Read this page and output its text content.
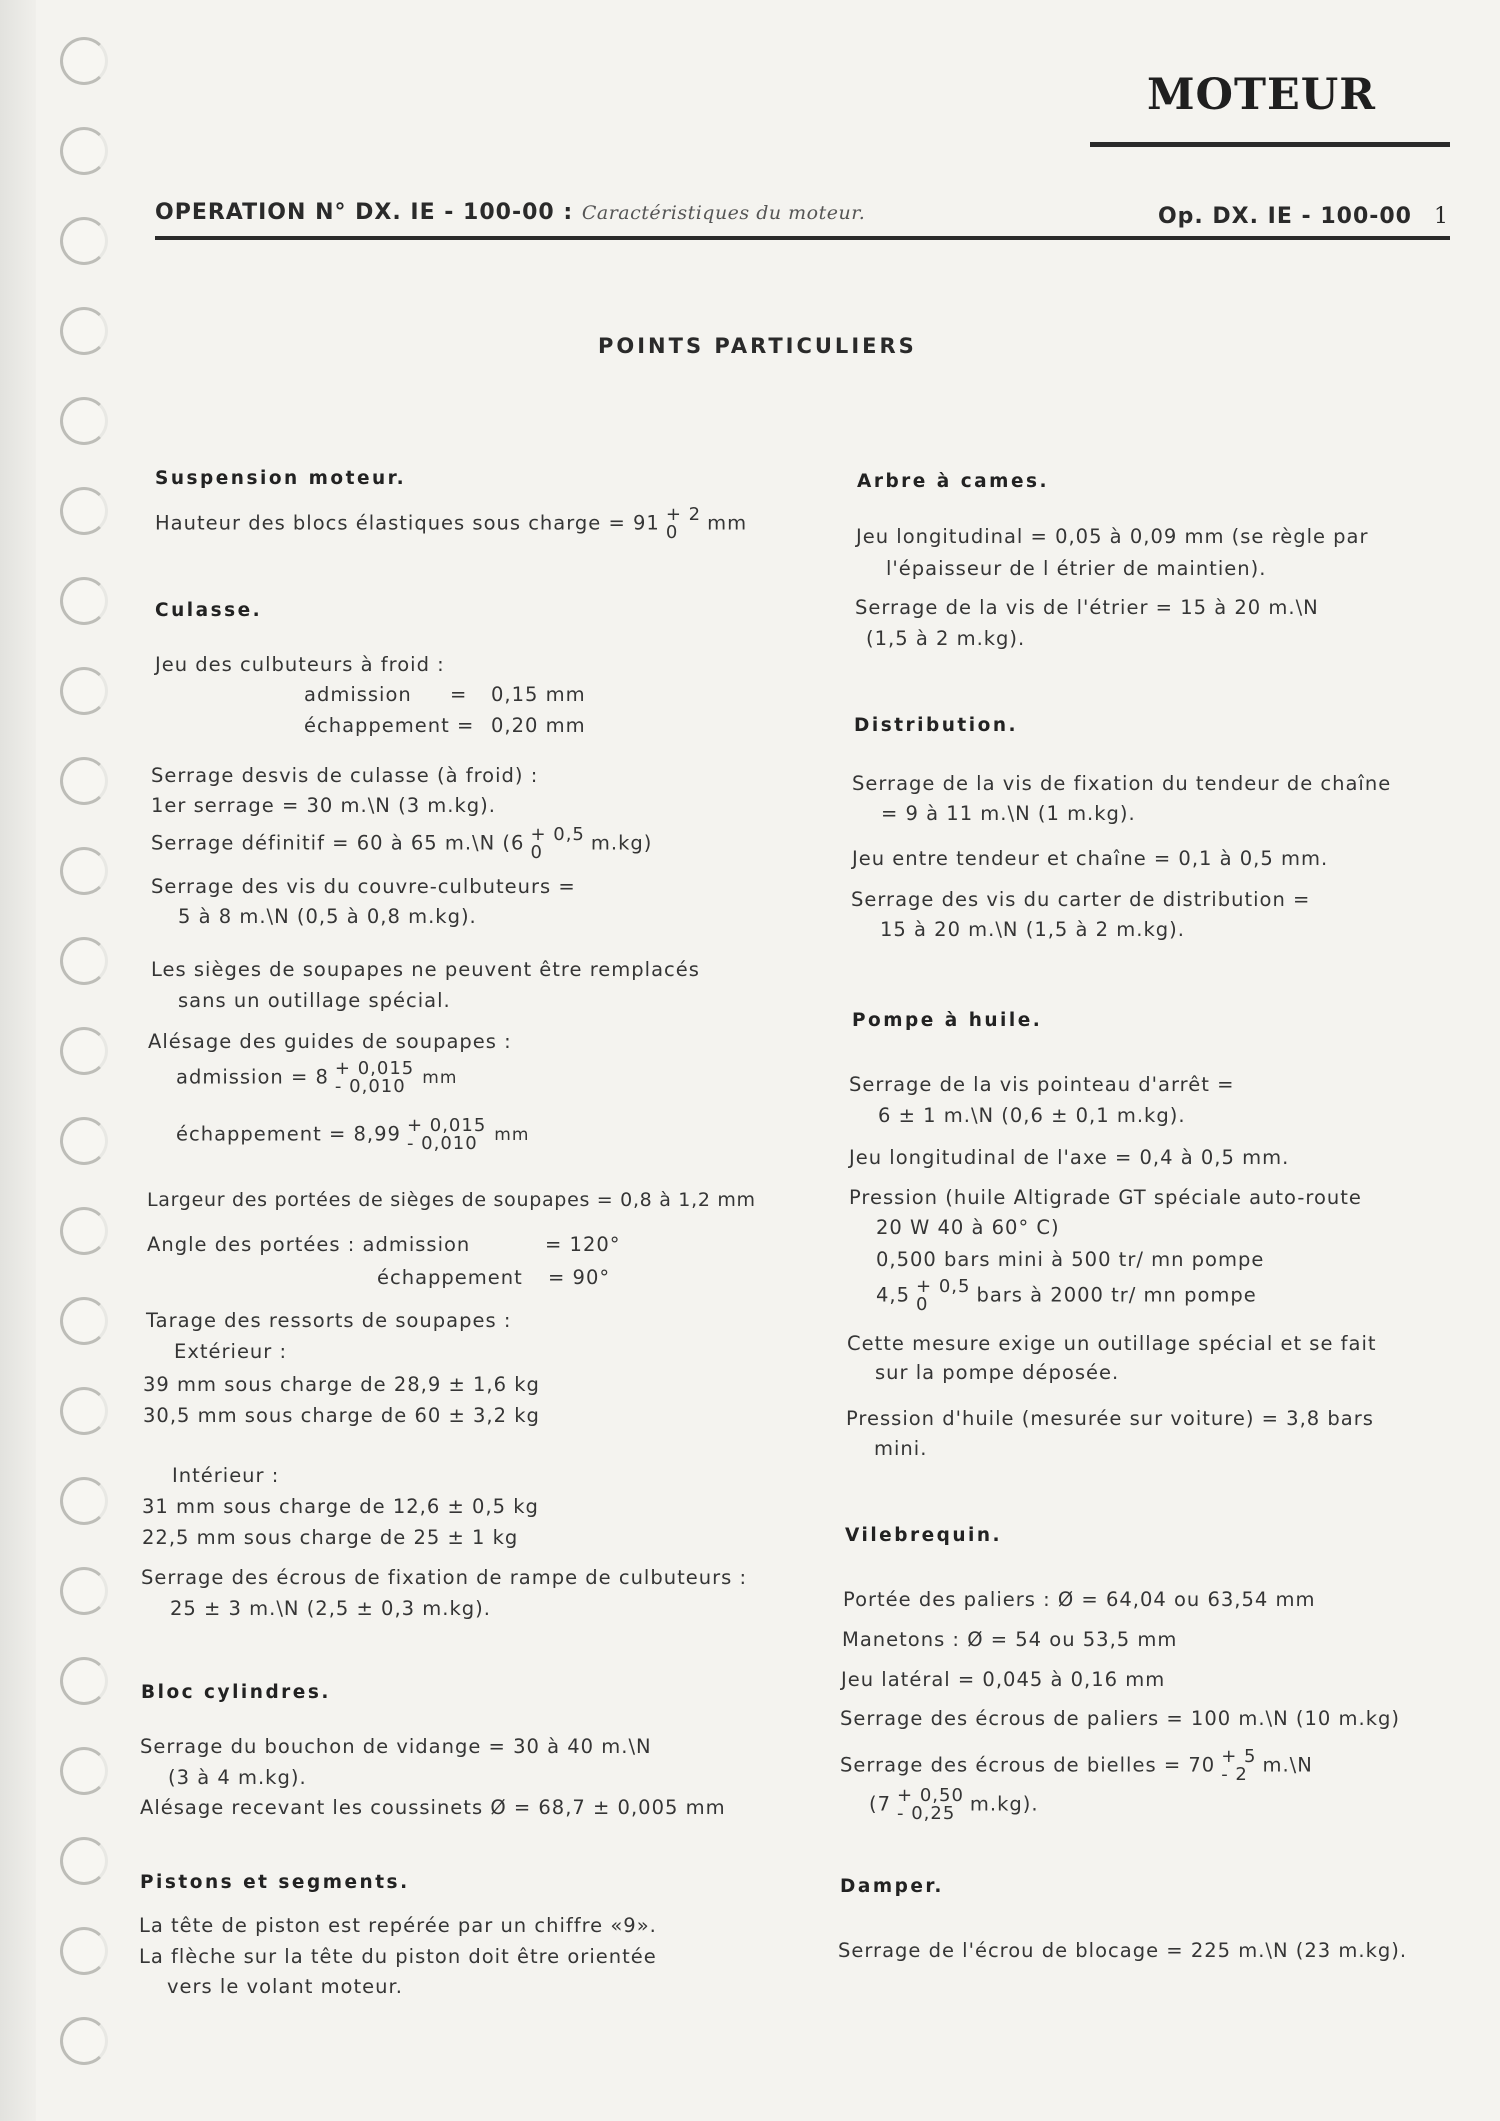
MOTEUR
OPERATION N° DX. IE - 100-00 : Caractéristiques du moteur.	Op. DX. IE - 100-00 1
POINTS PARTICULIERS
Suspension moteur.
Hauteur des blocs élastiques sous charge = 91 + 2
0	mm
Culasse.
Jeu des culbuteurs à froid :
admission = 0,15 mm
échappement = 0,20 mm
Serrage desvis de culasse (à froid) :
1er serrage = 30 m.\N (3 m.kg).
Serrage définitif = 60 à 65 m.\N (6 + 0,5
0	m.kg)
Serrage des vis du couvre-culbuteurs =
5 à 8 m.\N (0,5 à 0,8 m.kg).
Les sièges de soupapes ne peuvent être remplacés
sans un outillage spécial.
Alésage des guides de soupapes :
admission = 8 + 0,015
- 0,010 mm
échappement = 8,99 + 0,015
- 0,010 mm
Largeur des portées de sièges de soupapes = 0,8 à 1,2 mm
Angle des portées : admission	= 120°
échappement = 90°
Tarage des ressorts de soupapes :
Extérieur :
39 mm sous charge de 28,9 ± 1,6 kg
30,5 mm sous charge de 60 ± 3,2 kg
Intérieur :
31 mm sous charge de 12,6 ± 0,5 kg
22,5 mm sous charge de 25 ± 1 kg
Serrage des écrous de fixation de rampe de culbuteurs :
25 ± 3 m.\N (2,5 ± 0,3 m.kg).
Bloc cylindres.
Serrage du bouchon de vidange = 30 à 40 m.\N
(3 à 4 m.kg).
Alésage recevant les coussinets Ø = 68,7 ± 0,005 mm
Pistons et segments.
La tête de piston est repérée par un chiffre «9».
La flèche sur la tête du piston doit être orientée
vers le volant moteur.
Arbre à cames.
Jeu longitudinal = 0,05 à 0,09 mm (se règle par
l'épaisseur de l étrier de maintien).
Serrage de la vis de l'étrier = 15 à 20 m.\N
(1,5 à 2 m.kg).
Distribution.
Serrage de la vis de fixation du tendeur de chaîne
= 9 à 11 m.\N (1 m.kg).
Jeu entre tendeur et chaîne = 0,1 à 0,5 mm.
Serrage des vis du carter de distribution =
15 à 20 m.\N (1,5 à 2 m.kg).
Pompe à huile.
Serrage de la vis pointeau d'arrêt =
6 ± 1 m.\N (0,6 ± 0,1 m.kg).
Jeu longitudinal de l'axe = 0,4 à 0,5 mm.
Pression (huile Altigrade GT spéciale auto-route
20 W 40 à 60° C)
0,500 bars mini à 500 tr/ mn pompe
4,5 + 0,5
0	bars à 2000 tr/ mn pompe
Cette mesure exige un outillage spécial et se fait
sur la pompe déposée.
Pression d'huile (mesurée sur voiture) = 3,8 bars
mini.
Vilebrequin.
Portée des paliers : Ø = 64,04 ou 63,54 mm
Manetons : Ø = 54 ou 53,5 mm
Jeu latéral = 0,045 à 0,16 mm
Serrage des écrous de paliers = 100 m.\N (10 m.kg)
Serrage des écrous de bielles = 70 + 5
- 2 m.\N
(7 + 0,50
- 0,25 m.kg).
Damper.
Serrage de l'écrou de blocage = 225 m.\N (23 m.kg).
